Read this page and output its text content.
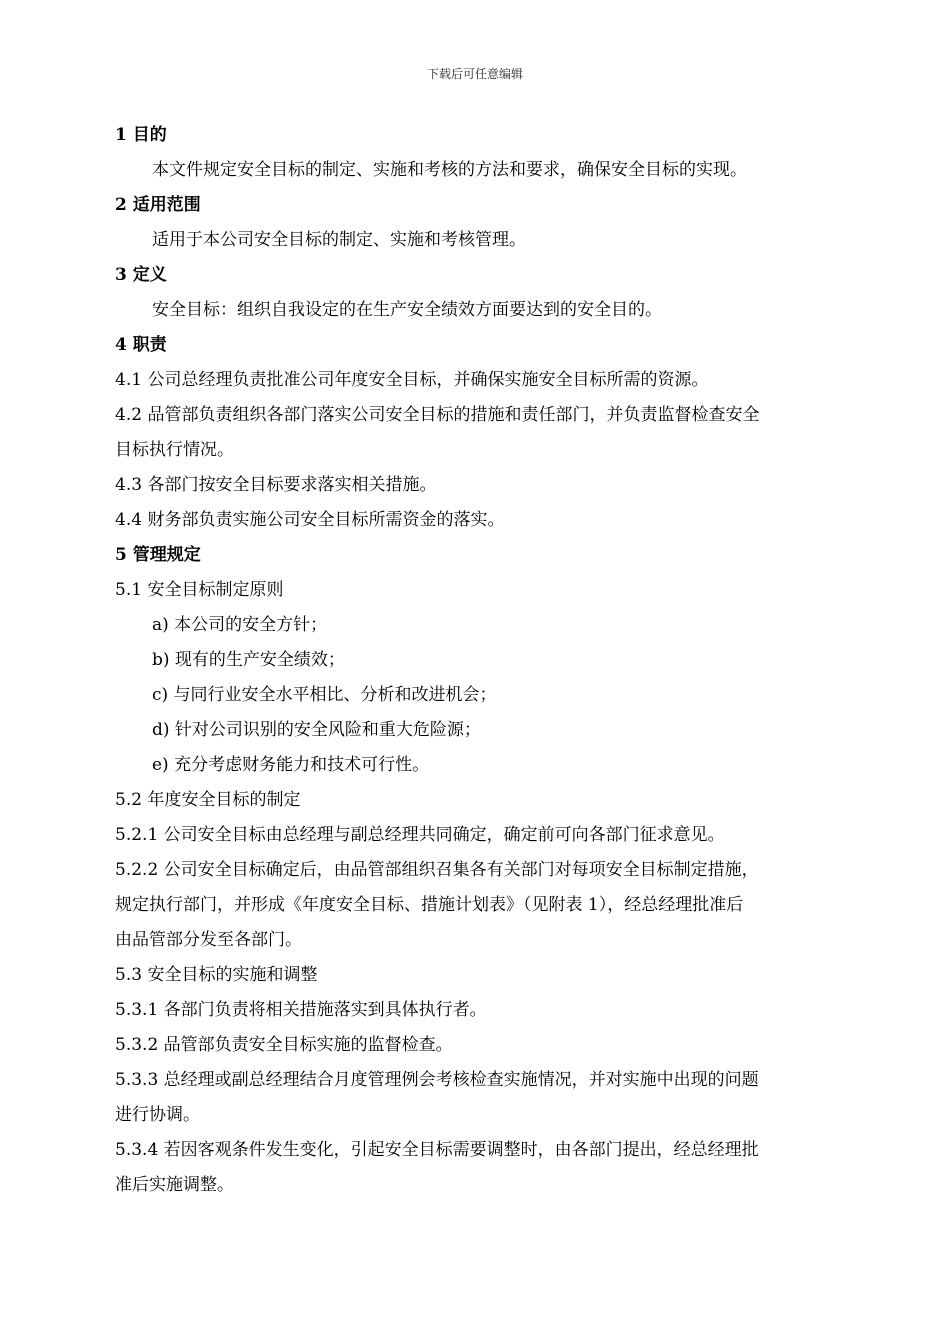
下载后可任意编辑
1 目的
本文件规定安全目标的制定、实施和考核的方法和要求，确保安全目标的实现。
2 适用范围
适用于本公司安全目标的制定、实施和考核管理。
3 定义
安全目标：组织自我设定的在生产安全绩效方面要达到的安全目的。
4 职责
4.1 公司总经理负责批准公司年度安全目标，并确保实施安全目标所需的资源。
4.2 品管部负责组织各部门落实公司安全目标的措施和责任部门，并负责监督检查安全
目标执行情况。
4.3 各部门按安全目标要求落实相关措施。
4.4 财务部负责实施公司安全目标所需资金的落实。
5 管理规定
5.1 安全目标制定原则
a) 本公司的安全方针；
b) 现有的生产安全绩效；
c) 与同行业安全水平相比、分析和改进机会；
d) 针对公司识别的安全风险和重大危险源；
e) 充分考虑财务能力和技术可行性。
5.2 年度安全目标的制定
5.2.1 公司安全目标由总经理与副总经理共同确定，确定前可向各部门征求意见。
5.2.2 公司安全目标确定后，由品管部组织召集各有关部门对每项安全目标制定措施，
规定执行部门，并形成《年度安全目标、措施计划表》（见附表 1），经总经理批准后
由品管部分发至各部门。
5.3 安全目标的实施和调整
5.3.1 各部门负责将相关措施落实到具体执行者。
5.3.2 品管部负责安全目标实施的监督检查。
5.3.3 总经理或副总经理结合月度管理例会考核检查实施情况，并对实施中出现的问题
进行协调。
5.3.4 若因客观条件发生变化，引起安全目标需要调整时，由各部门提出，经总经理批
准后实施调整。
